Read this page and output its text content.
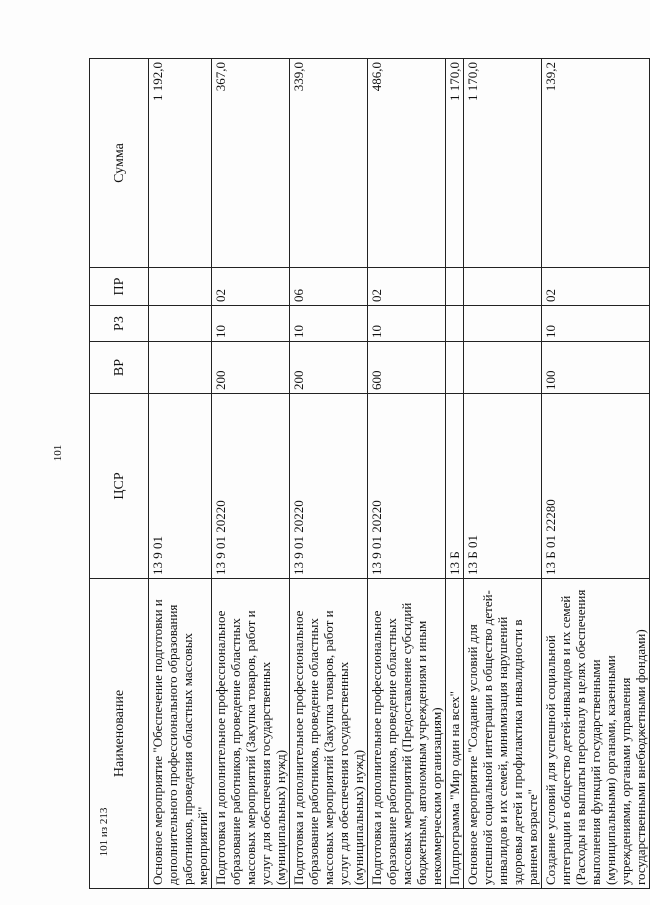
101
101 из 213
Наименование	ЦСР	ВР	РЗ	ПР	Сумма
Основное мероприятие "Обеспечение подготовки и дополнительного профессионального образования работников, проведения областных массовых мероприятий"	13 9 01				1 192,0
Подготовка и дополнительное профессиональное образование работников, проведение областных массовых мероприятий (Закупка товаров, работ и услуг для обеспечения государственных (муниципальных) нужд)	13 9 01 20220	200	10	02	367,0
Подготовка и дополнительное профессиональное образование работников, проведение областных массовых мероприятий (Закупка товаров, работ и услуг для обеспечения государственных (муниципальных) нужд)	13 9 01 20220	200	10	06	339,0
Подготовка и дополнительное профессиональное образование работников, проведение областных массовых мероприятий (Предоставление субсидий бюджетным, автономным учреждениям и иным некоммерческим организациям)	13 9 01 20220	600	10	02	486,0
Подпрограмма "Мир один на всех"	13 Б				1 170,0
Основное мероприятие "Создание условий для успешной социальной интеграции в общество детей-инвалидов и их семей, минимизация нарушений здоровья детей и профилактика инвалидности в раннем возрасте"	13 Б 01				1 170,0
Создание условий для успешной социальной интеграции в общество детей-инвалидов и их семей (Расходы на выплаты персоналу в целях обеспечения выполнения функций государственными (муниципальными) органами, казенными учреждениями, органами управления государственными внебюджетными фондами)	13 Б 01 22280	100	10	02	139,2
